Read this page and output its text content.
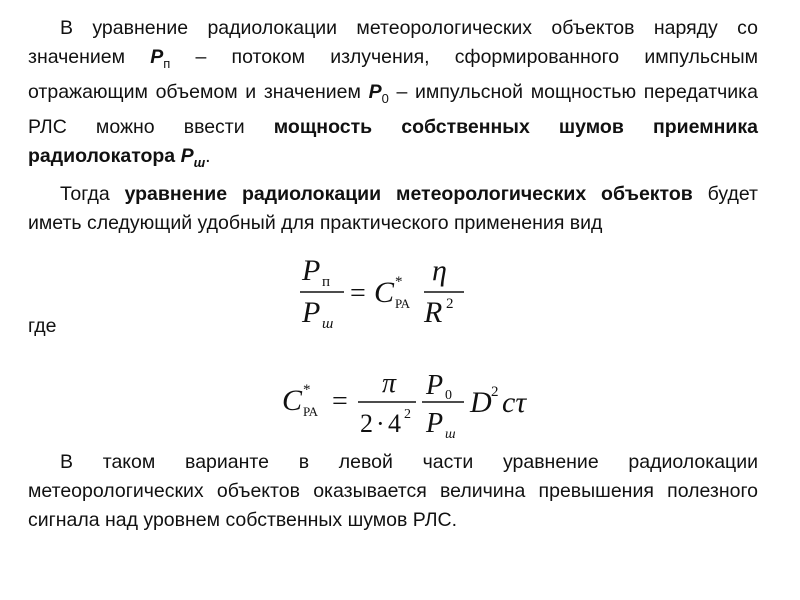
В уравнение радиолокации метеорологических объектов наряду со значением $P_п$ – потоком излучения, сформированного импульсным отражающим объемом и значением $P_0$ – импульсной мощностью передатчика РЛС можно ввести мощность собственных шумов приемника радиолокатора $P_ш$.
Тогда уравнение радиолокации метеорологических объектов будет иметь следующий удобный для практического применения вид
P п
P ш
= C *
РА
η
R 2
где
C *
РА =
π
2 · 4 2
P 0
P ш
D 2 cτ
В таком варианте в левой части уравнение радиолокации метеорологических объектов оказывается величина превышения полезного сигнала над уровнем собственных шумов РЛС.
